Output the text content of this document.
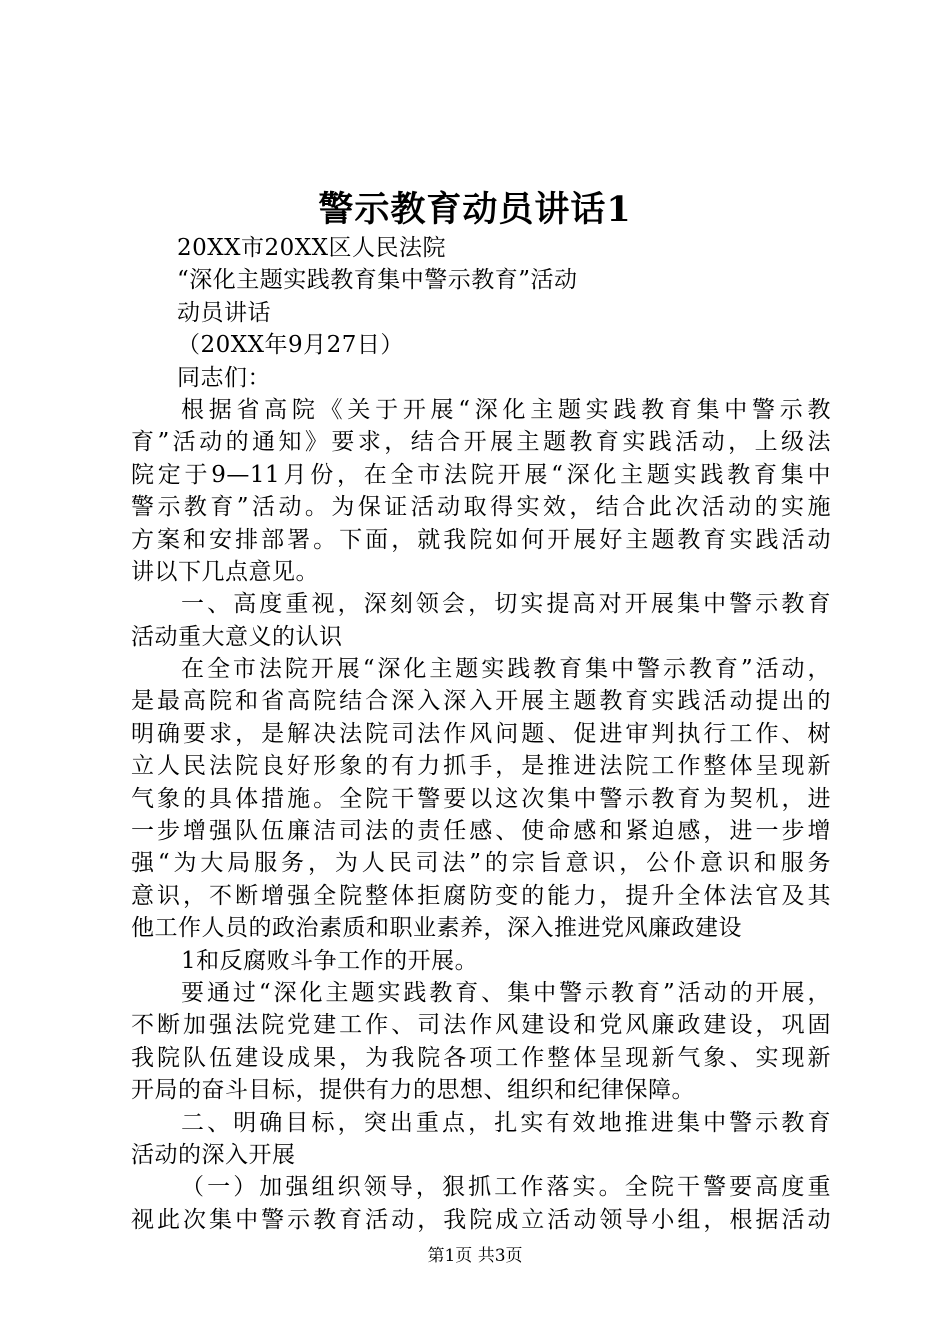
警示教育动员讲话1
20XX市20XX区人民法院
“深化主题实践教育集中警示教育”活动
动员讲话
（20XX年9月27日）
同志们：
根据省高院《关于开展“深化主题实践教育集中警示教
育”活动的通知》要求，结合开展主题教育实践活动，上级法
院定于9—11月份，在全市法院开展“深化主题实践教育集中
警示教育”活动。为保证活动取得实效，结合此次活动的实施
方案和安排部署。下面，就我院如何开展好主题教育实践活动
讲以下几点意见。
一、高度重视，深刻领会，切实提高对开展集中警示教育
活动重大意义的认识
在全市法院开展“深化主题实践教育集中警示教育”活动，
是最高院和省高院结合深入深入开展主题教育实践活动提出的
明确要求，是解决法院司法作风问题、促进审判执行工作、树
立人民法院良好形象的有力抓手，是推进法院工作整体呈现新
气象的具体措施。全院干警要以这次集中警示教育为契机，进
一步增强队伍廉洁司法的责任感、使命感和紧迫感，进一步增
强“为大局服务，为人民司法”的宗旨意识，公仆意识和服务
意识，不断增强全院整体拒腐防变的能力，提升全体法官及其
他工作人员的政治素质和职业素养，深入推进党风廉政建设
1和反腐败斗争工作的开展。
要通过“深化主题实践教育、集中警示教育”活动的开展，
不断加强法院党建工作、司法作风建设和党风廉政建设，巩固
我院队伍建设成果，为我院各项工作整体呈现新气象、实现新
开局的奋斗目标，提供有力的思想、组织和纪律保障。
二、明确目标，突出重点，扎实有效地推进集中警示教育
活动的深入开展
（一）加强组织领导，狠抓工作落实。全院干警要高度重
视此次集中警示教育活动，我院成立活动领导小组，根据活动
第1页 共3页
